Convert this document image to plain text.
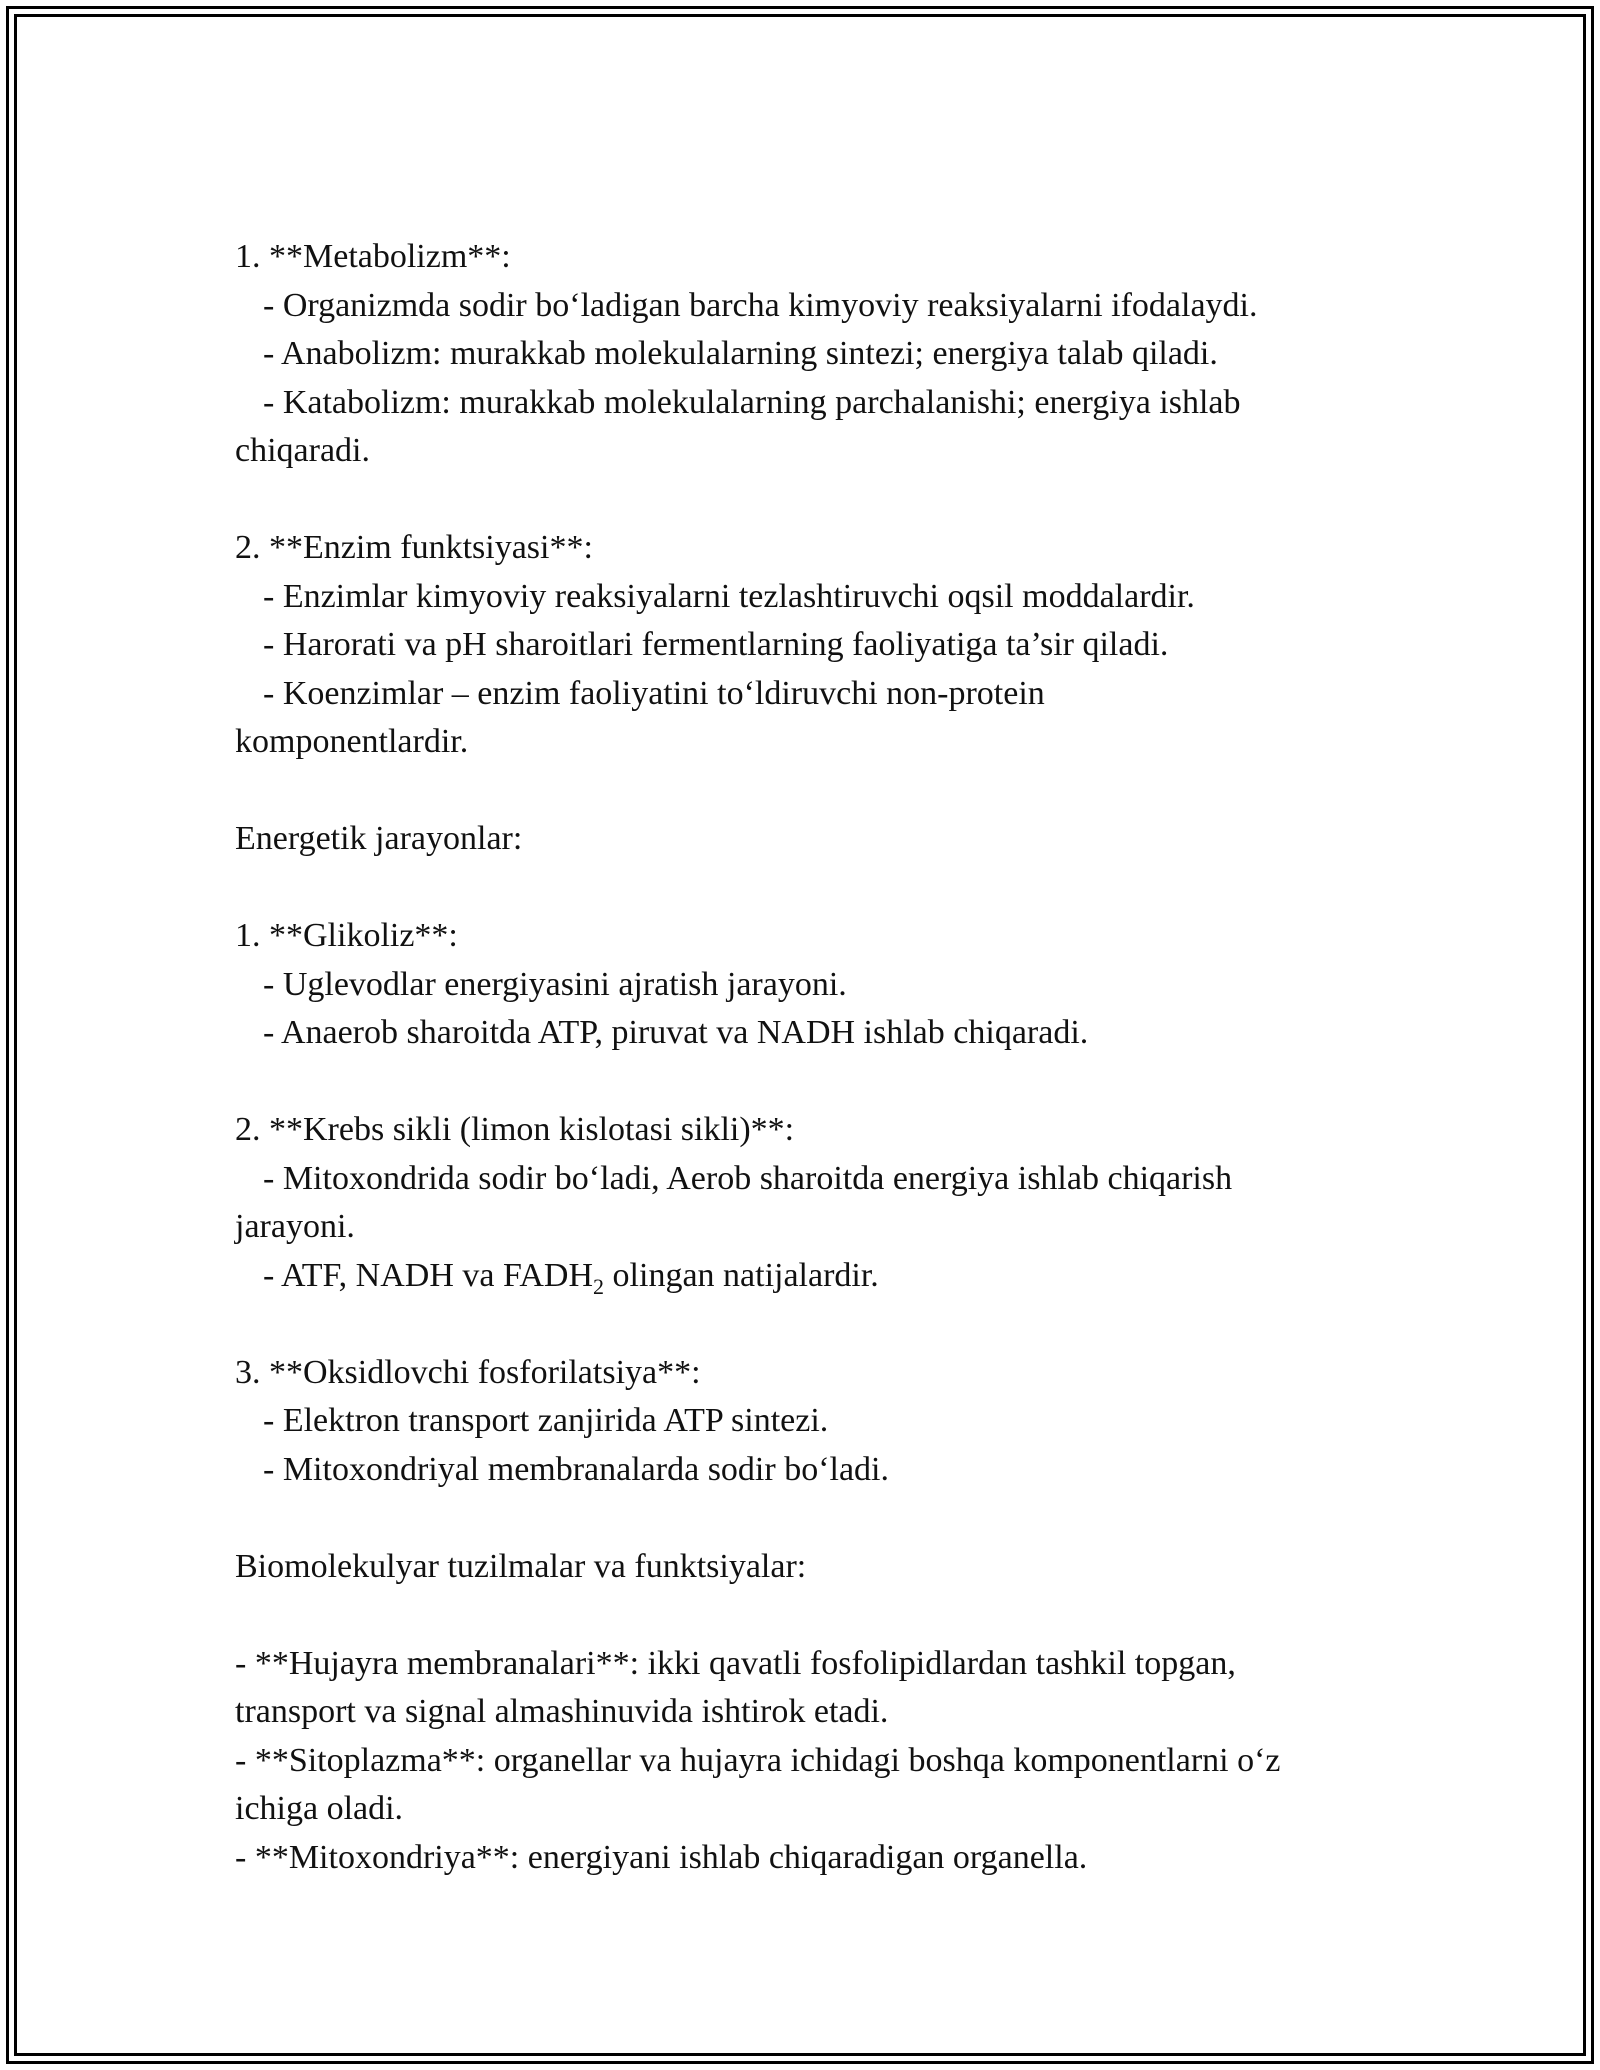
1. **Metabolizm**:
- Organizmda sodir bo‘ladigan barcha kimyoviy reaksiyalarni ifodalaydi.
- Anabolizm: murakkab molekulalarning sintezi; energiya talab qiladi.
- Katabolizm: murakkab molekulalarning parchalanishi; energiya ishlab
chiqaradi.
2. **Enzim funktsiyasi**:
- Enzimlar kimyoviy reaksiyalarni tezlashtiruvchi oqsil moddalardir.
- Harorati va pH sharoitlari fermentlarning faoliyatiga ta’sir qiladi.
- Koenzimlar – enzim faoliyatini to‘ldiruvchi non-protein
komponentlardir.
Energetik jarayonlar:
1. **Glikoliz**:
- Uglevodlar energiyasini ajratish jarayoni.
- Anaerob sharoitda ATP, piruvat va NADH ishlab chiqaradi.
2. **Krebs sikli (limon kislotasi sikli)**:
- Mitoxondrida sodir bo‘ladi, Aerob sharoitda energiya ishlab chiqarish
jarayoni.
- ATF, NADH va $FADH_2$ olingan natijalardir.
3. **Oksidlovchi fosforilatsiya**:
- Elektron transport zanjirida ATP sintezi.
- Mitoxondriyal membranalarda sodir bo‘ladi.
Biomolekulyar tuzilmalar va funktsiyalar:
- **Hujayra membranalari**: ikki qavatli fosfolipidlardan tashkil topgan,
transport va signal almashinuvida ishtirok etadi.
- **Sitoplazma**: organellar va hujayra ichidagi boshqa komponentlarni o‘z
ichiga oladi.
- **Mitoxondriya**: energiyani ishlab chiqaradigan organella.
